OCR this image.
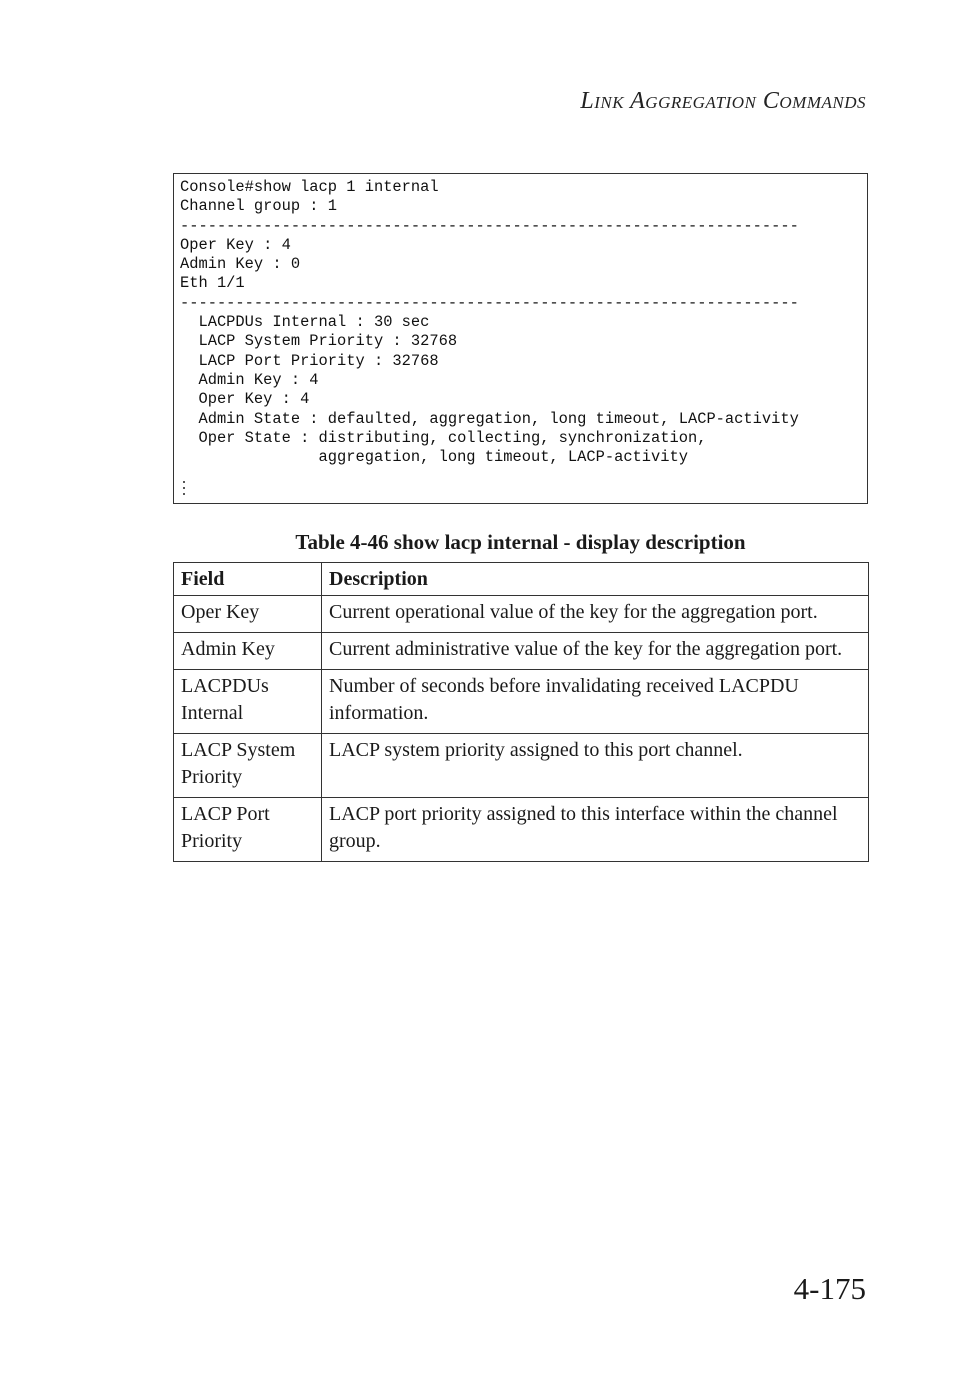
Link Aggregation Commands
Console#show lacp 1 internal
Channel group : 1
-------------------------------------------------------------------
Oper Key : 4
Admin Key : 0
Eth 1/1
-------------------------------------------------------------------
LACPDUs Internal : 30 sec
LACP System Priority : 32768
LACP Port Priority : 32768
Admin Key : 4
Oper Key : 4
Admin State : defaulted, aggregation, long timeout, LACP-activity
Oper State : distributing, collecting, synchronization,
aggregation, long timeout, LACP-activity
Table 4-46 show lacp internal - display description
Field	Description
Oper Key	Current operational value of the key for the aggregation port.
Admin Key	Current administrative value of the key for the aggregation port.
LACPDUs Internal	Number of seconds before invalidating received LACPDU information.
LACP System Priority	LACP system priority assigned to this port channel.
LACP Port Priority	LACP port priority assigned to this interface within the channel group.
4-175
